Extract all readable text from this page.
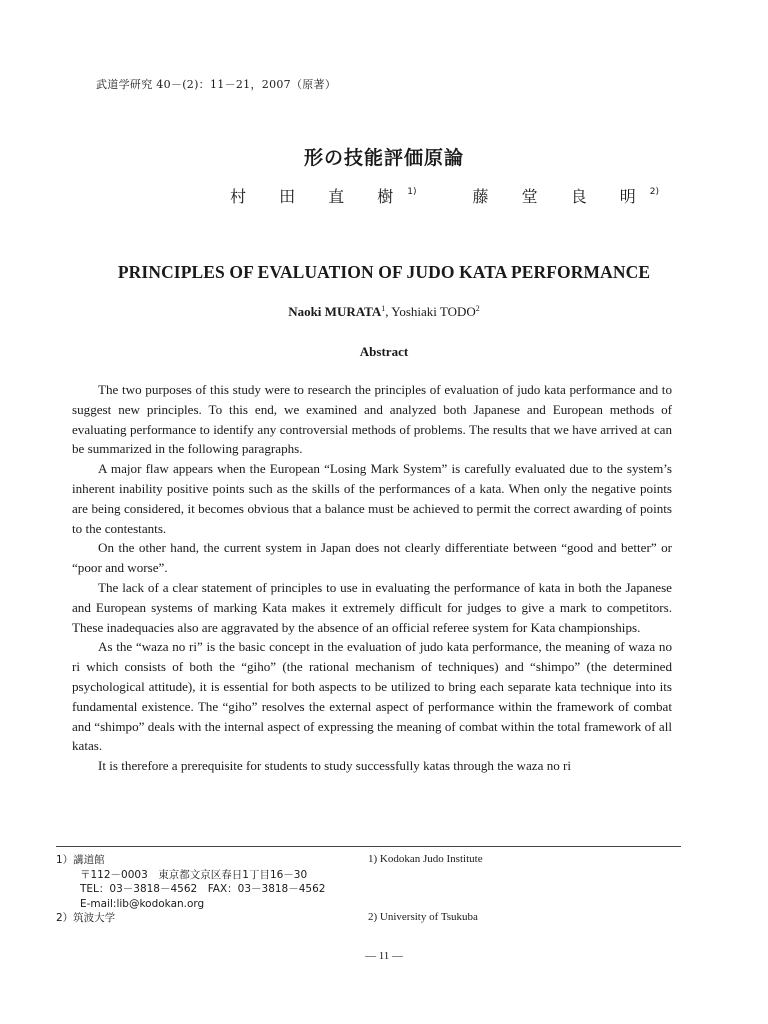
武道学研究 40－(2)：11－21，2007（原著）
形の技能評価原論
村 田 直 樹$^{1)}$	藤 堂 良 明$^{2)}$
PRINCIPLES OF EVALUATION OF JUDO KATA PERFORMANCE
Naoki MURATA$^1$, Yoshiaki TODO$^2$
Abstract

The two purposes of this study were to research the principles of evaluation of judo kata performance and to suggest new principles. To this end, we examined and analyzed both Japanese and European methods of evaluating performance to identify any controversial methods of problems. The results that we have arrived at can be summarized in the following paragraphs.

A major flaw appears when the European “Losing Mark System” is carefully evaluated due to the system’s inherent inability positive points such as the skills of the performances of a kata. When only the negative points are being considered, it becomes obvious that a balance must be achieved to permit the correct awarding of points to the contestants.

On the other hand, the current system in Japan does not clearly differentiate between “good and better” or “poor and worse”.

The lack of a clear statement of principles to use in evaluating the performance of kata in both the Japanese and European systems of marking Kata makes it extremely difficult for judges to give a mark to competitors. These inadequacies also are aggravated by the absence of an official referee system for Kata championships.

As the “waza no ri” is the basic concept in the evaluation of judo kata performance, the meaning of waza no ri which consists of both the “giho” (the rational mechanism of techniques) and “shimpo” (the determined psychological attitude), it is essential for both aspects to be utilized to bring each separate kata technique into its fundamental existence. The “giho” resolves the external aspect of performance within the framework of combat and “shimpo” deals with the internal aspect of expressing the meaning of combat within the total framework of all katas.

It is therefore a prerequisite for students to study successfully katas through the waza no ri

1）講道館
〒112－0003　東京都文京区春日1丁目16－30
TEL：03－3818－4562　FAX：03－3818－4562
E-mail:lib@kodokan.org
2）筑波大学
1) Kodokan Judo Institute
2) University of Tsukuba
— 11 —
